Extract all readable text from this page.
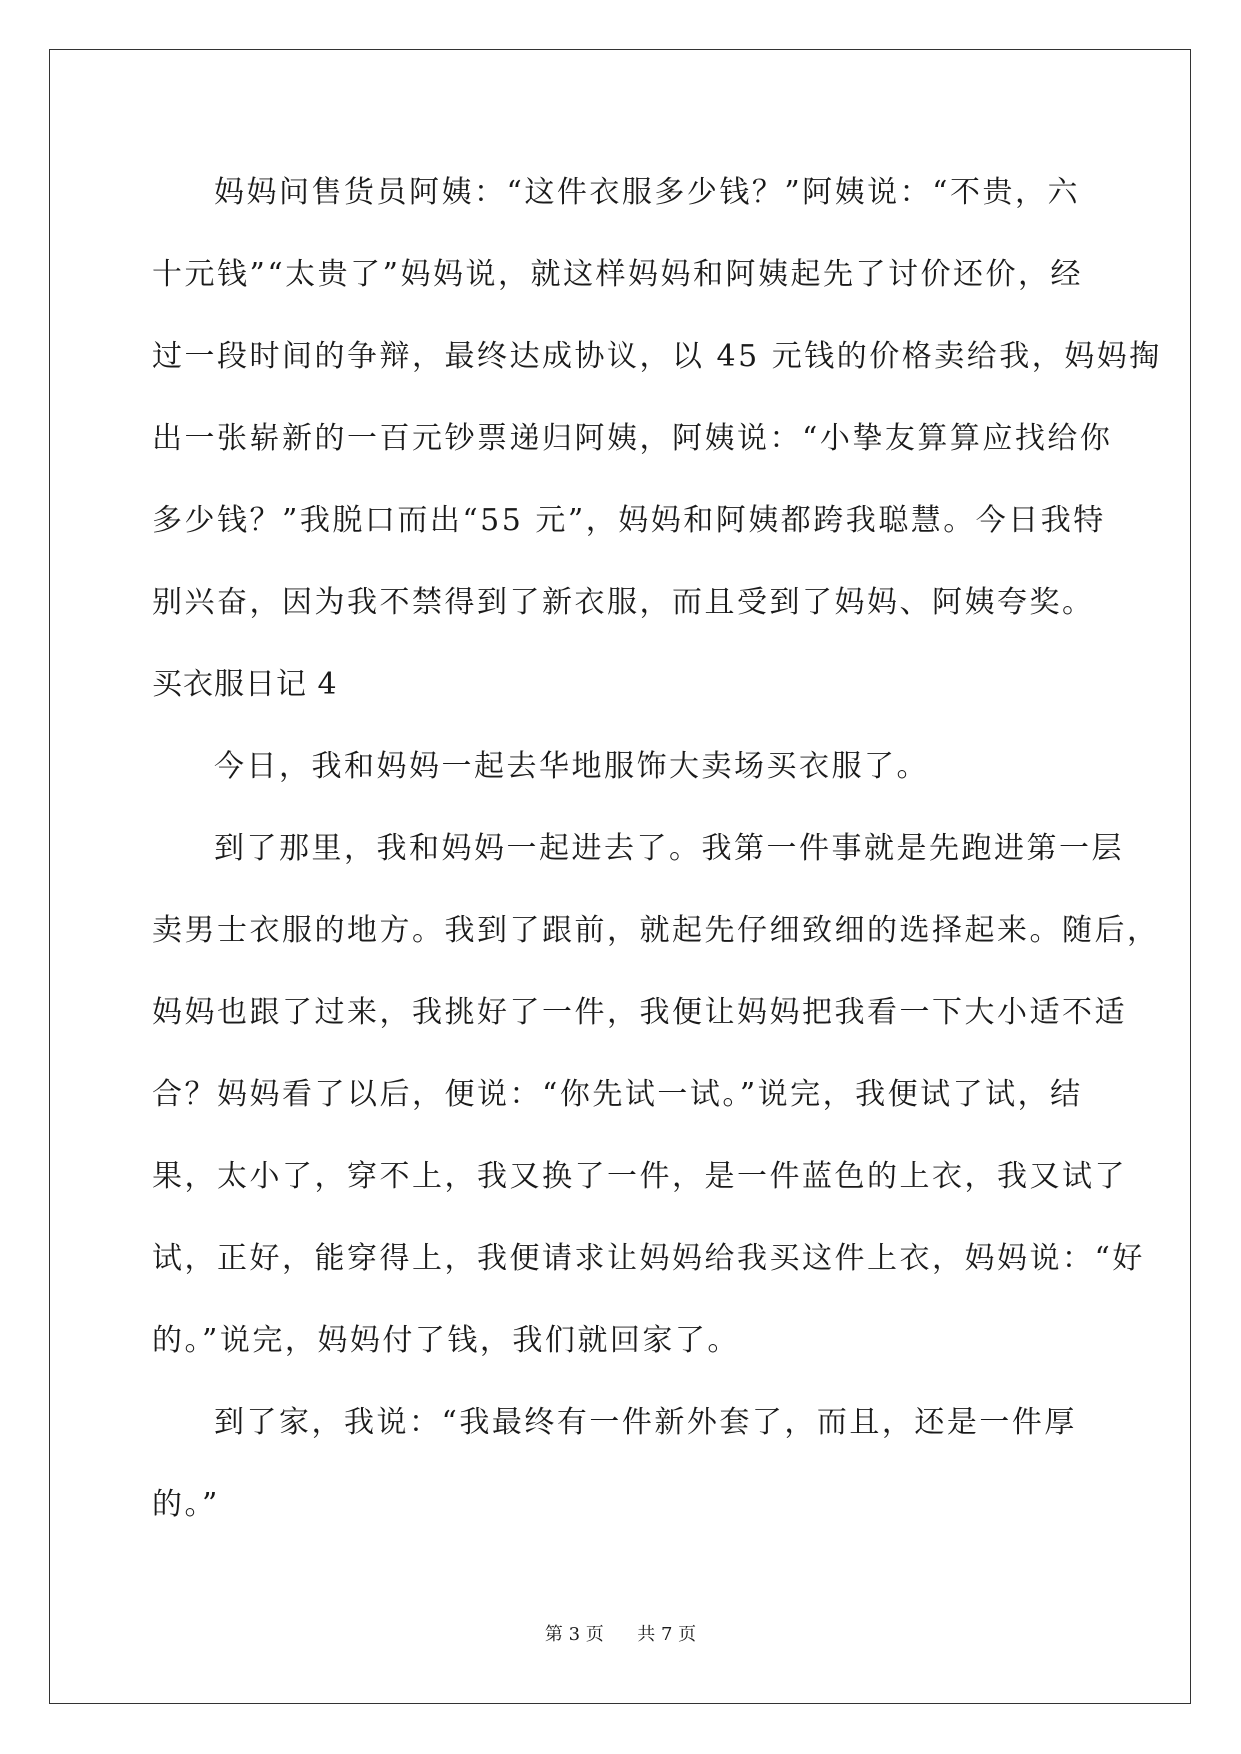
妈妈问售货员阿姨：“这件衣服多少钱？”阿姨说：“不贵，六
十元钱”“太贵了”妈妈说，就这样妈妈和阿姨起先了讨价还价，经
过一段时间的争辩，最终达成协议，以 45 元钱的价格卖给我，妈妈掏
出一张崭新的一百元钞票递归阿姨，阿姨说：“小挚友算算应找给你
多少钱？”我脱口而出“55 元”，妈妈和阿姨都跨我聪慧。今日我特
别兴奋，因为我不禁得到了新衣服，而且受到了妈妈、阿姨夸奖。
买衣服日记 4
今日，我和妈妈一起去华地服饰大卖场买衣服了。
到了那里，我和妈妈一起进去了。我第一件事就是先跑进第一层
卖男士衣服的地方。我到了跟前，就起先仔细致细的选择起来。随后，
妈妈也跟了过来，我挑好了一件，我便让妈妈把我看一下大小适不适
合？妈妈看了以后，便说：“你先试一试。”说完，我便试了试，结
果，太小了，穿不上，我又换了一件，是一件蓝色的上衣，我又试了
试，正好，能穿得上，我便请求让妈妈给我买这件上衣，妈妈说：“好
的。”说完，妈妈付了钱，我们就回家了。
到了家，我说：“我最终有一件新外套了，而且，还是一件厚
的。”
第 3 页 共 7 页
